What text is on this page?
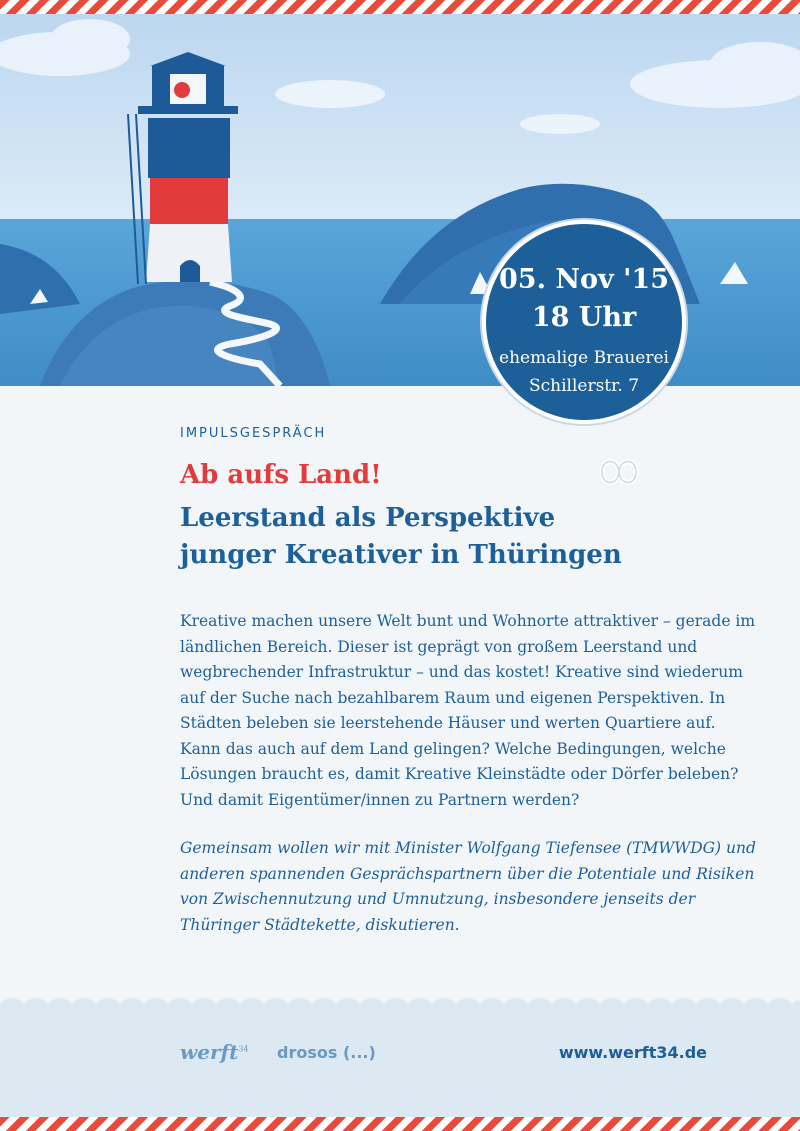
05. Nov '15
18 Uhr
ehemalige Brauerei
Schillerstr. 7
IMPULSGESPRÄCH
Ab aufs Land!
Leerstand als Perspektive
junger Kreativer in Thüringen

Kreative machen unsere Welt bunt und Wohnorte attraktiver – gerade im ländlichen Bereich. Dieser ist geprägt von großem Leerstand und wegbrechender Infrastruktur – und das kostet! Kreative sind wiederum auf der Suche nach bezahlbarem Raum und eigenen Perspektiven. In Städten beleben sie leerstehende Häuser und werten Quartiere auf. Kann das auch auf dem Land gelingen? Welche Bedingungen, welche Lösungen braucht es, damit Kreative Kleinstädte oder Dörfer beleben? Und damit Eigentümer/innen zu Partnern werden?

Gemeinsam wollen wir mit Minister Wolfgang Tiefensee (TMWWDG) und anderen spannenden Gesprächspartnern über die Potentiale und Risiken von Zwischennutzung und Umnutzung, insbesondere jenseits der Thüringer Städtekette, diskutieren.

werft$^{34}$ drosos (...)	www.werft34.de
